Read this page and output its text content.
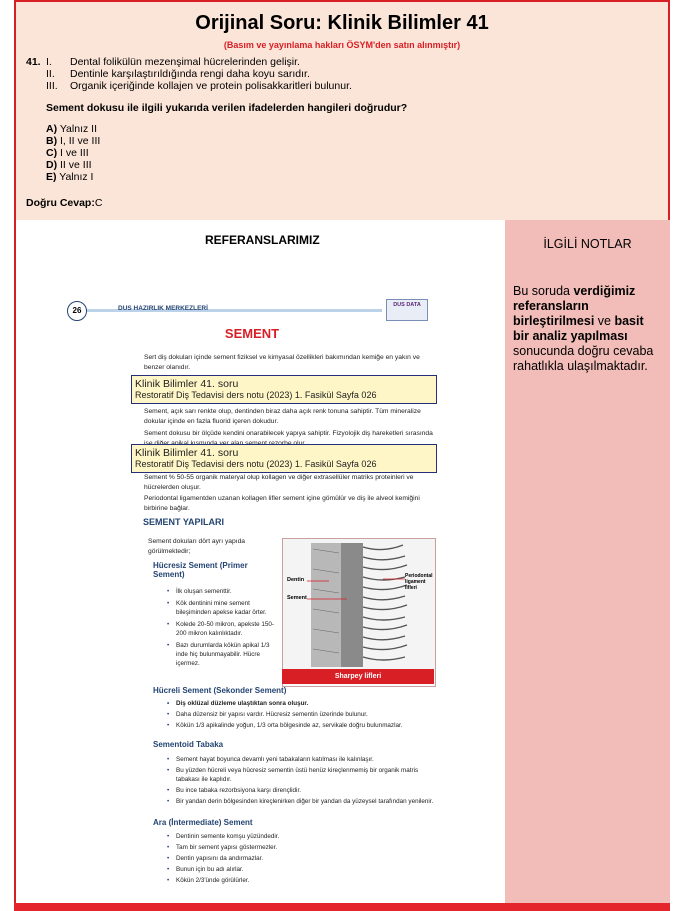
Orijinal Soru: Klinik Bilimler 41
(Basım ve yayınlama hakları ÖSYM'den satın alınmıştır)
41. I. Dental folikülün mezenşimal hücrelerinden gelişir.
II. Dentinle karşılaştırıldığında rengi daha koyu sarıdır.
III. Organik içeriğinde kollajen ve protein polisakkaritleri bulunur.
Sement dokusu ile ilgili yukarıda verilen ifadelerden hangileri doğrudur?
A) Yalnız II
B) I, II ve III
C) I ve III
D) II ve III
E) Yalnız I
Doğru Cevap:C
REFERANSLARIMIZ	İLGİLİ NOTLAR
Bu soruda verdiğimiz referansların birleştirilmesi ve basit bir analiz yapılması sonucunda doğru cevaba rahatlıkla ulaşılmaktadır.
26	DUS HAZIRLIK MERKEZLERİ	DUS DATA
SEMENT
Sert diş dokuları içinde sement fiziksel ve kimyasal özellikleri bakımından kemiğe en yakın ve benzer olanıdır.
Klinik Bilimler 41. soru
Restoratif Diş Tedavisi ders notu (2023) 1. Fasikül Sayfa 026
Sement, açık sarı renkte olup, dentinden biraz daha açık renk tonuna sahiptir. Tüm mineralize dokular içinde en fazla fluorid içeren dokudur.
Sement dokusu bir ölçüde kendini onarabilecek yapıya sahiptir. Fizyolojik diş hareketleri sırasında
Klinik Bilimler 41. soru
Restoratif Diş Tedavisi ders notu (2023) 1. Fasikül Sayfa 026
Sement % 50-55 organik materyal olup kollagen ve diğer extrasellüler matriks proteinleri ve hücrelerden oluşur.
Periodontal ligamentden uzanan kollagen lifler sement içine gömülür ve diş ile alveol kemiğini birbirine bağlar.
SEMENT YAPILARI
Sement dokuları dört ayrı yapıda görülmektedir;
Hücresiz Sement (Primer Sement)
• İlk oluşan sementtir.
• Kök dentinini mine sement bileşiminden apekse kadar örter.
• Kolede 20-50 mikron, apekste 150-200 mikron kalınlıktadır.
• Bazı durumlarda kökün apikal 1/3 inde hiç bulunmayabilir. Hücre içermez.
Dentin
Sement
Periodontal ligament lifleri
Sharpey lifleri
Hücreli Sement (Sekonder Sement)
• Diş oklüzal düzleme ulaştıktan sonra oluşur.
• Daha düzensiz bir yapısı vardır. Hücresiz sementin üzerinde bulunur.
• Kökün 1/3 apikalinde yoğun, 1/3 orta bölgesinde az, servikale doğru bulunmazlar.
Sementoid Tabaka
• Sement hayat boyunca devamlı yeni tabakaların katılması ile kalınlaşır.
• Bu yüzden hücreli veya hücresiz sementin üstü henüz kireçlenmemiş bir organik matris tabakası ile kaplıdır.
• Bu ince tabaka rezorbsiyona karşı dirençlidir.
• Bir yandan derin bölgesinden kireçlenirken diğer bir yandan da yüzeysel tarafından yenilenir.
Ara (İntermediate) Sement
• Dentinin semente komşu yüzündedir.
• Tam bir sement yapısı göstermezler.
• Dentin yapısını da andırmazlar.
• Bunun için bu adı alırlar.
• Kökün 2/3'ünde görülürler.
